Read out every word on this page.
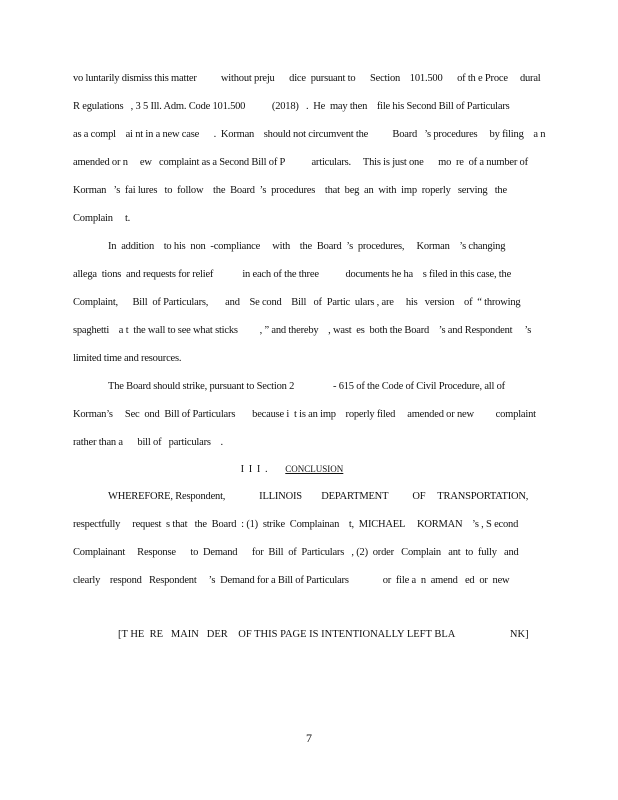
vo luntarily dismiss this matter          without preju      dice  pursuant to      Section    101.500      of th e Proce     dural
R egulations   , 3 5 Ill. Adm. Code 101.500           (2018)   .  He  may then    file his Second Bill of Particulars
as a compl    ai nt in a new case      .  Korman    should not circumvent the          Board   ’s procedures     by filing    a n
amended or n     ew   complaint as a Second Bill of P           articulars.     This is just one      mo  re  of a number of
Korman   ’s  fai lures   to  follow    the  Board  ’s  procedures    that  beg  an  with  imp  roperly   serving   the
Complain     t.
In  addition    to his  non  -compliance     with    the  Board  ’s  procedures,     Korman    ’s changing
allega  tions  and requests for relief            in each of the three           documents he ha    s filed in this case, the
Complaint,      Bill  of Particulars,       and    Se cond    Bill   of  Partic  ulars , are     his   version    of  “ throwing
spaghetti    a t  the wall to see what sticks         , ” and thereby    , wast  es  both the Board    ’s and Respondent     ’s
limited time and resources.
The Board should strike, pursuant to Section 2                - 615 of the Code of Civil Procedure, all of
Korman’s     Sec  ond  Bill of Particulars       because i  t is an imp    roperly filed     amended or new         complaint
rather than a      bill of   particulars    .
I I I . CONCLUSION
WHEREFORE, Respondent,              ILLINOIS        DEPARTMENT          OF     TRANSPORTATION,
respectfully     request  s that   the  Board  : (1)  strike  Complainan    t,  MICHAEL     KORMAN    ’s , S econd
Complainant     Response      to  Demand      for  Bill  of  Particulars   , (2)  order   Complain   ant  to  fully   and
clearly    respond   Respondent     ’s  Demand for a Bill of Particulars              or  file a  n  amend   ed  or  new
[T HE  RE   MAIN   DER    OF THIS PAGE IS INTENTIONALLY LEFT BLA                     NK]
7
